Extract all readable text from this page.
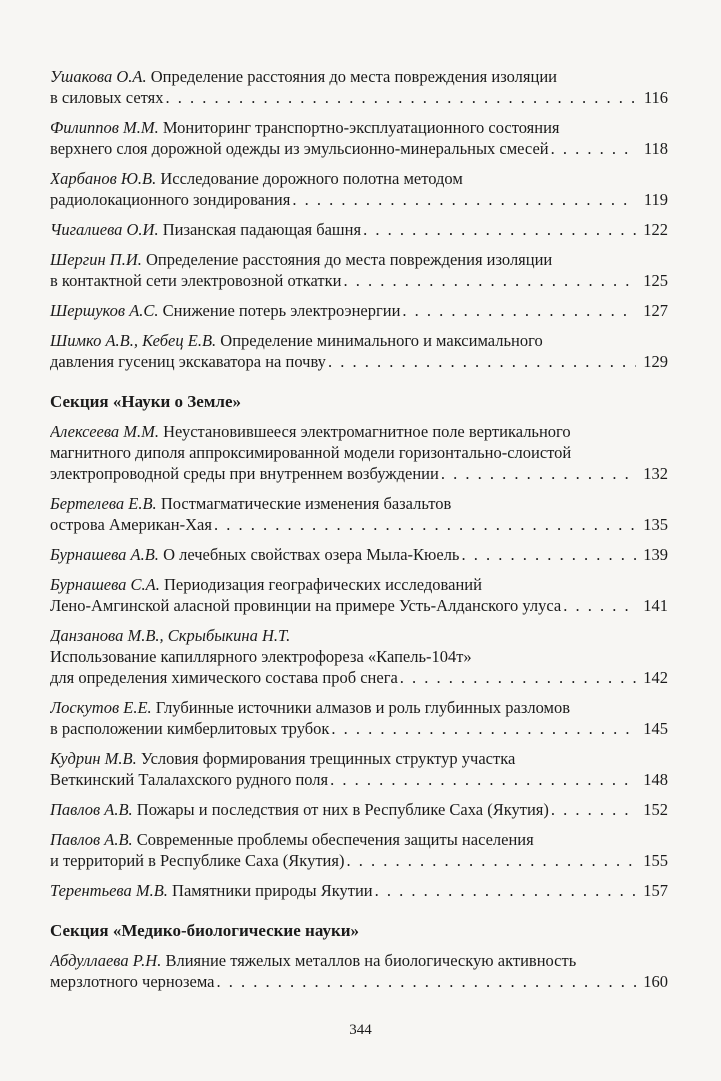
Ушакова О.А. Определение расстояния до места повреждения изоляции
в силовых сетях . . .	116
Филиппов М.М. Мониторинг транспортно-эксплуатационного состояния
верхнего слоя дорожной одежды из эмульсионно-минеральных смесей . . .	118
Харбанов Ю.В. Исследование дорожного полотна методом
радиолокационного зондирования . . .	119
Чигалиева О.И. Пизанская падающая башня . . .	122
Шергин П.И. Определение расстояния до места повреждения изоляции
в контактной сети электровозной откатки . . .	125
Шершуков А.С. Снижение потерь электроэнергии . . .	127
Шимко А.В., Кебец Е.В. Определение минимального и максимального
давления гусениц экскаватора на почву . . .	129
Секция «Науки о Земле»
Алексеева М.М. Неустановившееся электромагнитное поле вертикального
магнитного диполя аппроксимированной модели горизонтально-слоистой
электропроводной среды при внутреннем возбуждении . . .	132
Бертелева Е.В. Постмагматические изменения базальтов
острова Американ-Хая . . .	135
Бурнашева А.В. О лечебных свойствах озера Мыла-Кюель . . .	139
Бурнашева С.А. Периодизация географических исследований
Лено-Амгинской аласной провинции на примере Усть-Алданского улуса . . .	141
Данзанова М.В., Скрыбыкина Н.Т.
Использование капиллярного электрофореза «Капель-104т»
для определения химического состава проб снега . . .	142
Лоскутов Е.Е. Глубинные источники алмазов и роль глубинных разломов
в расположении кимберлитовых трубок . . .	145
Кудрин М.В. Условия формирования трещинных структур участка
Веткинский Талалахского рудного поля . . .	148
Павлов А.В. Пожары и последствия от них в Республике Саха (Якутия) . . .	152
Павлов А.В. Современные проблемы обеспечения защиты населения
и территорий в Республике Саха (Якутия) . . .	155
Терентьева М.В. Памятники природы Якутии . . .	157
Секция «Медико-биологические науки»
Абдуллаева Р.Н. Влияние тяжелых металлов на биологическую активность
мерзлотного чернозема . . .	160
344
